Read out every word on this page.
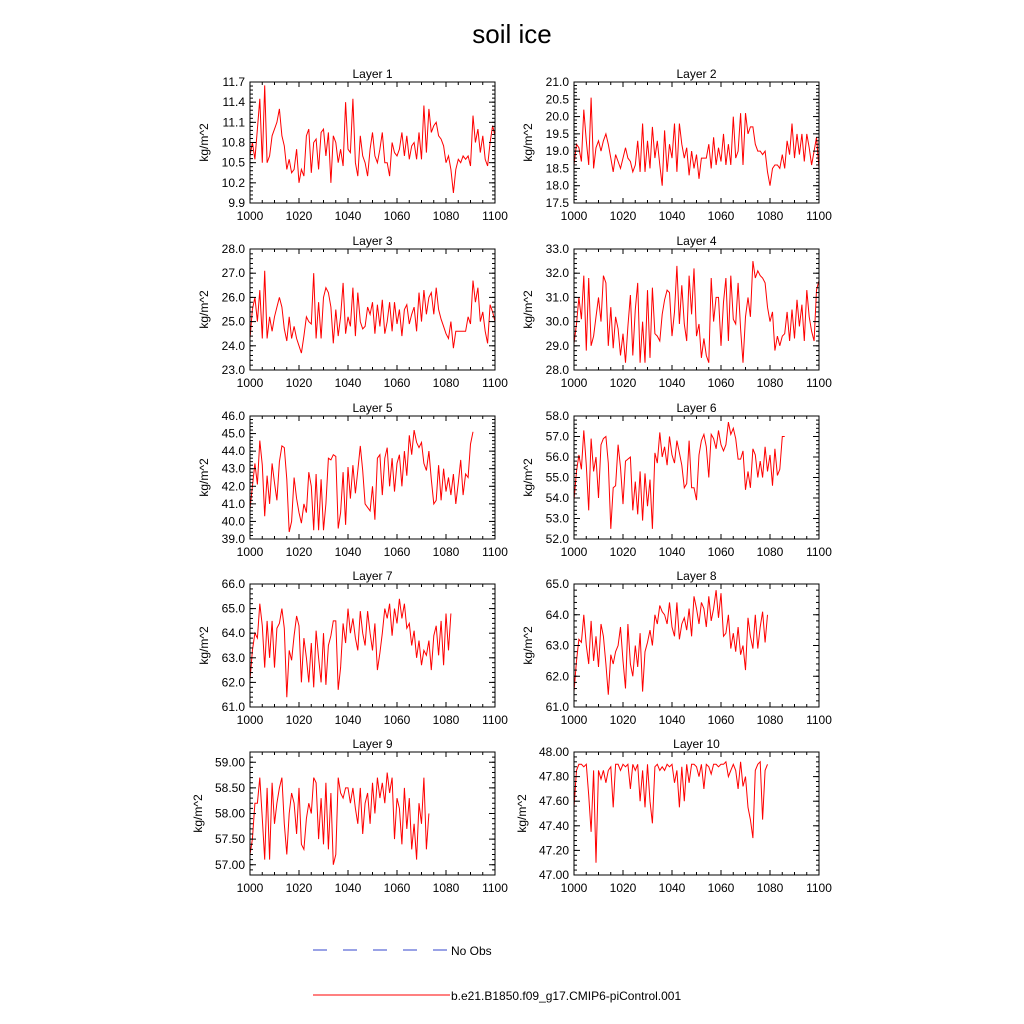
soil ice
1000 1020 1040 1060 1080 1100
9.9
10.2
10.5
10.8
11.1
11.4
11.7
Layer 1
kg/m^2
1000 1020 1040 1060 1080 1100
17.5
18.0
18.5
19.0
19.5
20.0
20.5
21.0
Layer 2
kg/m^2
1000 1020 1040 1060 1080 1100
23.0
24.0
25.0
26.0
27.0
28.0
Layer 3
kg/m^2
1000 1020 1040 1060 1080 1100
28.0
29.0
30.0
31.0
32.0
33.0
Layer 4
kg/m^2
1000 1020 1040 1060 1080 1100
39.0
40.0
41.0
42.0
43.0
44.0
45.0
46.0
Layer 5
kg/m^2
1000 1020 1040 1060 1080 1100
52.0
53.0
54.0
55.0
56.0
57.0
58.0
Layer 6
kg/m^2
1000 1020 1040 1060 1080 1100
61.0
62.0
63.0
64.0
65.0
66.0
Layer 7
kg/m^2
1000 1020 1040 1060 1080 1100
61.0
62.0
63.0
64.0
65.0
Layer 8
kg/m^2
1000 1020 1040 1060 1080 1100
57.00
57.50
58.00
58.50
59.00
Layer 9
kg/m^2
1000 1020 1040 1060 1080 1100
47.00
47.20
47.40
47.60
47.80
48.00
Layer 10
kg/m^2
No Obs
b.e21.B1850.f09_g17.CMIP6-piControl.001
